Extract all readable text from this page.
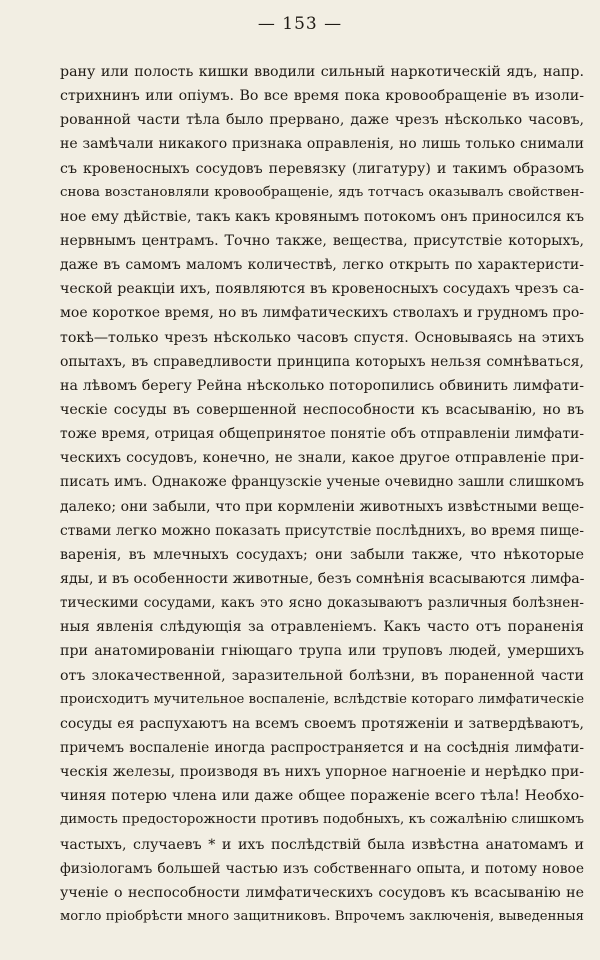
— 153 —
рану или полость кишки вводили сильный наркотическій ядъ, напр.
стрихнинъ или опіумъ. Во все время пока кровообращеніе въ изоли-
рованной части тѣла было прервано, даже чрезъ нѣсколько часовъ,
не замѣчали никакого признака оправленія, но лишь только снимали
съ кровеносныхъ сосудовъ перевязку (лигатуру) и такимъ образомъ
снова возстановляли кровообращеніе, ядъ тотчасъ оказывалъ свойствен-
ное ему дѣйствіе, такъ какъ кровянымъ потокомъ онъ приносился къ
нервнымъ центрамъ. Точно также, вещества, присутствіе которыхъ,
даже въ самомъ маломъ количествѣ, легко открыть по характеристи-
ческой реакціи ихъ, появляются въ кровеносныхъ сосудахъ чрезъ са-
мое короткое время, но въ лимфатическихъ стволахъ и грудномъ про-
токѣ—только чрезъ нѣсколько часовъ спустя. Основываясь на этихъ
опытахъ, въ справедливости принципа которыхъ нельзя сомнѣваться,
на лѣвомъ берегу Рейна нѣсколько поторопились обвинить лимфати-
ческіе сосуды въ совершенной неспособности къ всасыванію, но въ
тоже время, отрицая общепринятое понятіе объ отправленіи лимфати-
ческихъ сосудовъ, конечно, не знали, какое другое отправленіе при-
писать имъ. Однакоже французскіе ученые очевидно зашли слишкомъ
далеко; они забыли, что при кормленіи животныхъ извѣстными веще-
ствами легко можно показать присутствіе послѣднихъ, во время пище-
варенія, въ млечныхъ сосудахъ; они забыли также, что нѣкоторые
яды, и въ особенности животные, безъ сомнѣнія всасываются лимфа-
тическими сосудами, какъ это ясно доказываютъ различныя болѣзнен-
ныя явленія слѣдующія за отравленіемъ. Какъ часто отъ пораненія
при анатомированіи гніющаго трупа или труповъ людей, умершихъ
отъ злокачественной, заразительной болѣзни, въ пораненной части
происходитъ мучительное воспаленіе, вслѣдствіе котораго лимфатическіе
сосуды ея распухаютъ на всемъ своемъ протяженіи и затвердѣваютъ,
причемъ воспаленіе иногда распространяется и на сосѣднія лимфати-
ческія железы, производя въ нихъ упорное нагноеніе и нерѣдко при-
чиняя потерю члена или даже общее пораженіе всего тѣла! Необхо-
димость предосторожности противъ подобныхъ, къ сожалѣнію слишкомъ
частыхъ, случаевъ * и ихъ послѣдствій была извѣстна анатомамъ и
физіологамъ большей частью изъ собственнаго опыта, и потому новое
ученіе о неспособности лимфатическихъ сосудовъ къ всасыванію не
могло пріобрѣсти много защитниковъ. Впрочемъ заключенія, выведенныя
